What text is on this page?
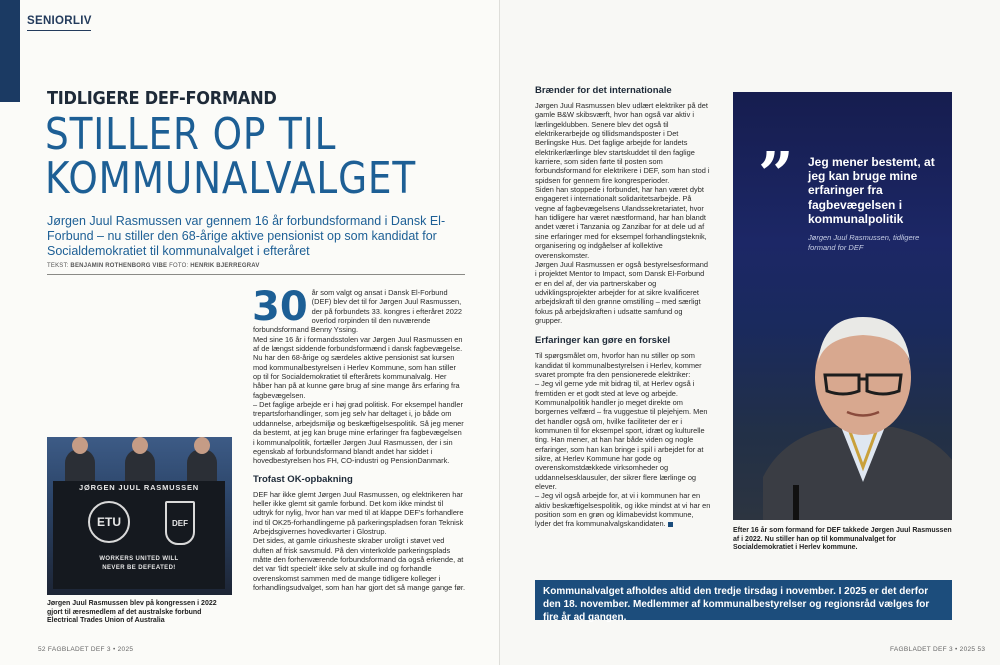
SENIORLIV
TIDLIGERE DEF-FORMAND
STILLER OP TIL
KOMMUNALVALGET
Jørgen Juul Rasmussen var gennem 16 år forbundsformand i Dansk El-Forbund – nu stiller den 68-årige aktive pensionist op som kandidat for Socialdemokratiet til kommunalvalget i efteråret
TEKST: BENJAMIN ROTHENBORG VIBE FOTO: HENRIK BJERREGRAV
JØRGEN JUUL RASMUSSEN
ETU	DEF
WORKERS UNITED WILL
NEVER BE DEFEATED!
Jørgen Juul Rasmussen blev på kongressen i 2022 gjort til æresmedlem af det australske forbund Electrical Trades Union of Australia
30 år som valgt og ansat i Dansk El-Forbund (DEF) blev det til for Jørgen Juul Rasmussen, der på forbundets 33. kongres i efteråret 2022 overlod rorpinden til den nuværende forbundsformand Benny Yssing.

Med sine 16 år i formandsstolen var Jørgen Juul Rasmussen en af de længst siddende forbundsformænd i dansk fagbevægelse. Nu har den 68-årige og særdeles aktive pensionist sat kursen mod kommunalbestyrelsen i Herlev Kommune, som han stiller op til for Socialdemokratiet til efterårets kommunalvalg. Her håber han på at kunne gøre brug af sine mange års erfaring fra fagbevægelsen.

– Det faglige arbejde er i høj grad politisk. For eksempel handler trepartsforhandlinger, som jeg selv har deltaget i, jo både om uddannelse, arbejdsmiljø og beskæftigelsespolitik. Så jeg mener da bestemt, at jeg kan bruge mine erfaringer fra fagbevægelsen i kommunalpolitik, fortæller Jørgen Juul Rasmussen, der i sin egenskab af forbundsformand blandt andet har siddet i hovedbestyrelsen hos FH, CO-industri og PensionDanmark.

Trofast OK-opbakning

DEF har ikke glemt Jørgen Juul Rasmussen, og elektrikeren har heller ikke glemt sit gamle forbund. Det kom ikke mindst til udtryk for nylig, hvor han var med til at klappe DEF's forhandlere ind til OK25-forhandlingerne på parkeringspladsen foran Teknisk Arbejdsgivernes hovedkvarter i Glostrup.

Det sides, at gamle cirkusheste skraber uroligt i støvet ved duften af frisk savsmuld. På den vinterkolde parkeringsplads måtte den forhenværende forbundsformand da også erkende, at det var 'lidt specielt' ikke selv at skulle ind og forhandle overenskomst sammen med de mange tidligere kolleger i forhandlingsudvalget, som han har gjort det så mange gange før.

52 FAGBLADET DEF 3 • 2025
Brænder for det internationale

Jørgen Juul Rasmussen blev udlært elektriker på det gamle B&W skibsværft, hvor han også var aktiv i lærlingeklubben. Senere blev det også til elektrikerarbejde og tillidsmandsposter i Det Berlingske Hus. Det faglige arbejde for landets elektrikerlærlinge blev startskuddet til den faglige karriere, som siden førte til posten som forbundsformand for elektrikere i DEF, som han stod i spidsen for gennem fire kongresperioder.

Siden han stoppede i forbundet, har han været dybt engageret i internationalt solidaritetsarbejde. På vegne af fagbevægelsens Ulandssekretariatet, hvor han tidligere har været næstformand, har han blandt andet været i Tanzania og Zanzibar for at dele ud af sine erfaringer med for eksempel forhandlingsteknik, organisering og indgåelser af kollektive overenskomster.

Jørgen Juul Rasmussen er også bestyrelsesformand i projektet Mentor to Impact, som Dansk El-Forbund er en del af, der via partnerskaber og udviklingsprojekter arbejder for at sikre kvalificeret arbejdskraft til den grønne omstilling – med særligt fokus på arbejdskraften i udsatte samfund og grupper.

Erfaringer kan gøre en forskel

Til spørgsmålet om, hvorfor han nu stiller op som kandidat til kommunalbestyrelsen i Herlev, kommer svaret prompte fra den pensionerede elektriker:

– Jeg vil gerne yde mit bidrag til, at Herlev også i fremtiden er et godt sted at leve og arbejde. Kommunalpolitik handler jo meget direkte om borgernes velfærd – fra vuggestue til plejehjem. Men det handler også om, hvilke faciliteter der er i kommunen til for eksempel sport, idræt og kulturelle ting. Han mener, at han har både viden og nogle erfaringer, som han kan bringe i spil i arbejdet for at sikre, at Herlev Kommune har gode og overenskomstdækkede virksomheder og uddannelsesklausuler, der sikrer flere lærlinge og elever.

– Jeg vil også arbejde for, at vi i kommunen har en aktiv beskæftigelsespolitik, og ikke mindst at vi har en position som en grøn og klimabevidst kommune, lyder det fra kommunalvalgskandidaten.

” Jeg mener bestemt, at jeg kan bruge mine erfaringer fra fagbevægelsen i kommunalpolitik
Jørgen Juul Rasmussen, tidligere formand for DEF
Efter 16 år som formand for DEF takkede Jørgen Juul Rasmussen af i 2022. Nu stiller han op til kommunalvalget for Socialdemokratiet i Herlev kommune.
Kommunalvalget afholdes altid den tredje tirsdag i november. I 2025 er det derfor den 18. november. Medlemmer af kommunalbestyrelser og regionsråd vælges for fire år ad gangen.
FAGBLADET DEF 3 • 2025 53
